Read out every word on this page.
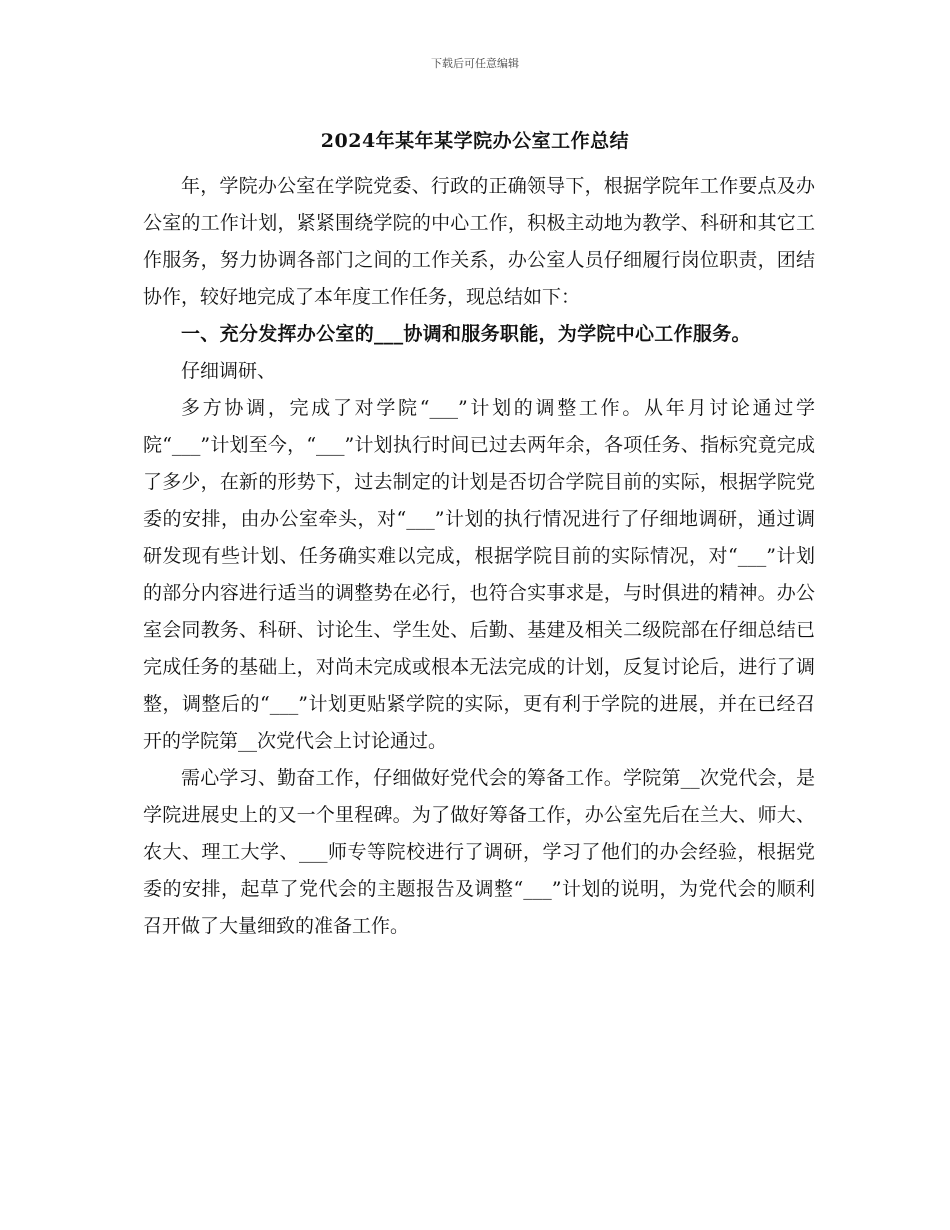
下载后可任意编辑
2024年某年某学院办公室工作总结

年，学院办公室在学院党委、行政的正确领导下，根据学院年工作要点及办公室的工作计划，紧紧围绕学院的中心工作，积极主动地为教学、科研和其它工作服务，努力协调各部门之间的工作关系，办公室人员仔细履行岗位职责，团结协作，较好地完成了本年度工作任务，现总结如下：

一、充分发挥办公室的___协调和服务职能，为学院中心工作服务。

仔细调研、

多方协调，完成了对学院“___”计划的调整工作。从年月讨论通过学院“___”计划至今，“___”计划执行时间已过去两年余，各项任务、指标究竟完成了多少，在新的形势下，过去制定的计划是否切合学院目前的实际，根据学院党委的安排，由办公室牵头，对“___”计划的执行情况进行了仔细地调研，通过调研发现有些计划、任务确实难以完成，根据学院目前的实际情况，对“___”计划的部分内容进行适当的调整势在必行，也符合实事求是，与时俱进的精神。办公室会同教务、科研、讨论生、学生处、后勤、基建及相关二级院部在仔细总结已完成任务的基础上，对尚未完成或根本无法完成的计划，反复讨论后，进行了调整，调整后的“___”计划更贴紧学院的实际，更有利于学院的进展，并在已经召开的学院第__次党代会上讨论通过。

需心学习、勤奋工作，仔细做好党代会的筹备工作。学院第__次党代会，是学院进展史上的又一个里程碑。为了做好筹备工作，办公室先后在兰大、师大、农大、理工大学、___师专等院校进行了调研，学习了他们的办会经验，根据党委的安排，起草了党代会的主题报告及调整“___”计划的说明，为党代会的顺利召开做了大量细致的准备工作。
